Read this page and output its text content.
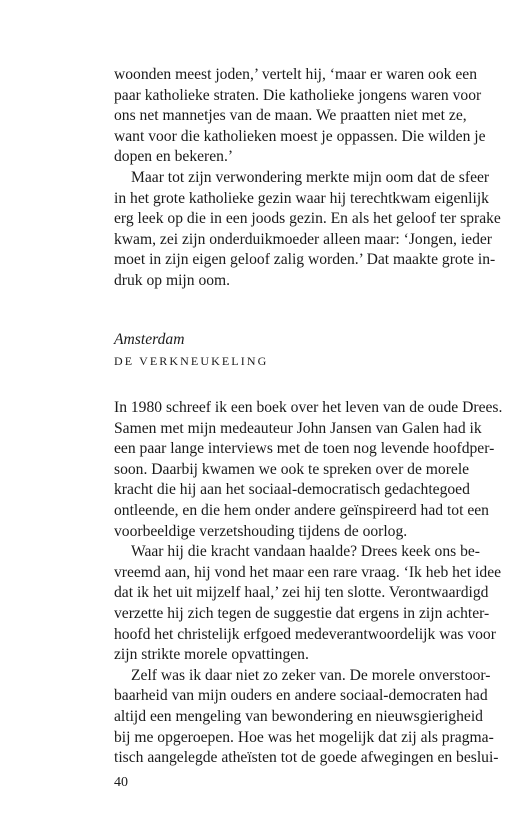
woonden meest joden,’ vertelt hij, ‘maar er waren ook een
paar katholieke straten. Die katholieke jongens waren voor
ons net mannetjes van de maan. We praatten niet met ze,
want voor die katholieken moest je oppassen. Die wilden je
dopen en bekeren.’
Maar tot zijn verwondering merkte mijn oom dat de sfeer
in het grote katholieke gezin waar hij terechtkwam eigenlijk
erg leek op die in een joods gezin. En als het geloof ter sprake
kwam, zei zijn onderduikmoeder alleen maar: ‘Jongen, ieder
moet in zijn eigen geloof zalig worden.’ Dat maakte grote in-
druk op mijn oom.
Amsterdam
DE VERKNEUKELING
In 1980 schreef ik een boek over het leven van de oude Drees.
Samen met mijn medeauteur John Jansen van Galen had ik
een paar lange interviews met de toen nog levende hoofdper-
soon. Daarbij kwamen we ook te spreken over de morele
kracht die hij aan het sociaal-democratisch gedachtegoed
ontleende, en die hem onder andere geïnspireerd had tot een
voorbeeldige verzetshouding tijdens de oorlog.
Waar hij die kracht vandaan haalde? Drees keek ons be-
vreemd aan, hij vond het maar een rare vraag. ‘Ik heb het idee
dat ik het uit mijzelf haal,’ zei hij ten slotte. Verontwaardigd
verzette hij zich tegen de suggestie dat ergens in zijn achter-
hoofd het christelijk erfgoed medeverantwoordelijk was voor
zijn strikte morele opvattingen.
Zelf was ik daar niet zo zeker van. De morele onverstoor-
baarheid van mijn ouders en andere sociaal-democraten had
altijd een mengeling van bewondering en nieuwsgierigheid
bij me opgeroepen. Hoe was het mogelijk dat zij als pragma-
tisch aangelegde atheïsten tot de goede afwegingen en beslui-
40
